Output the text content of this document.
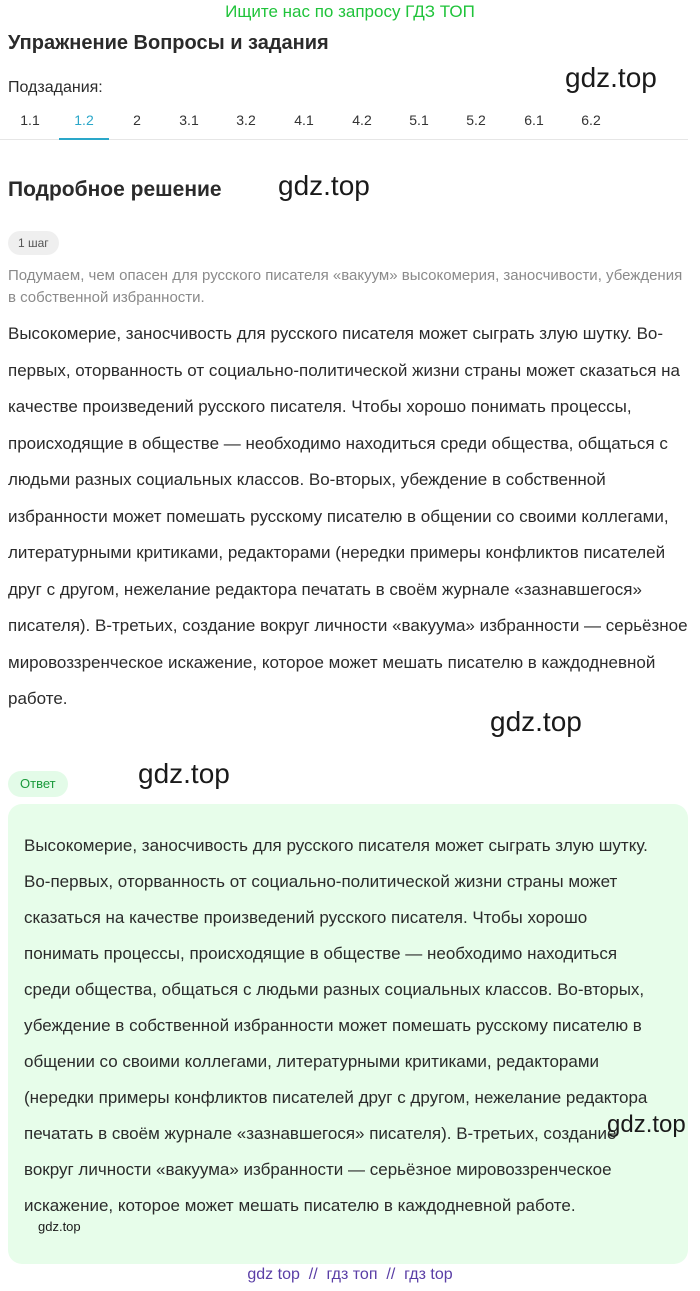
Ищите нас по запросу ГДЗ ТОП
Упражнение Вопросы и задания
Подзадания:
1.1	1.2	2	3.1	3.2	4.1	4.2	5.1	5.2	6.1	6.2
gdz.top
Подробное решение gdz.top
1 шаг
Подумаем, чем опасен для русского писателя «вакуум» высокомерия, заносчивости, убеждения в собственной избранности.
Высокомерие, заносчивость для русского писателя может сыграть злую шутку. Во-первых, оторванность от социально-политической жизни страны может сказаться на качестве произведений русского писателя. Чтобы хорошо понимать процессы, происходящие в обществе — необходимо находиться среди общества, общаться с людьми разных социальных классов. Во-вторых, убеждение в собственной избранности может помешать русскому писателю в общении со своими коллегами, литературными критиками, редакторами (нередки примеры конфликтов писателей друг с другом, нежелание редактора печатать в своём журнале «зазнавшегося» писателя). В-третьих, создание вокруг личности «вакуума» избранности — серьёзное мировоззренческое искажение, которое может мешать писателю в каждодневной работе.
gdz.top
Ответ	gdz.top
Высокомерие, заносчивость для русского писателя может сыграть злую шутку. Во-первых, оторванность от социально-политической жизни страны может сказаться на качестве произведений русского писателя. Чтобы хорошо понимать процессы, происходящие в обществе — необходимо находиться среди общества, общаться с людьми разных социальных классов. Во-вторых, убеждение в собственной избранности может помешать русскому писателю в общении со своими коллегами, литературными критиками, редакторами (нередки примеры конфликтов писателей друг с другом, нежелание редактора печатать в своём журнале «зазнавшегося» писателя). В-третьих, создание вокруг личности «вакуума» избранности — серьёзное мировоззренческое искажение, которое может мешать писателю в каждодневной работе.
gdz.top
gdz.top
gdz top  //  гдз топ  //  гдз top
